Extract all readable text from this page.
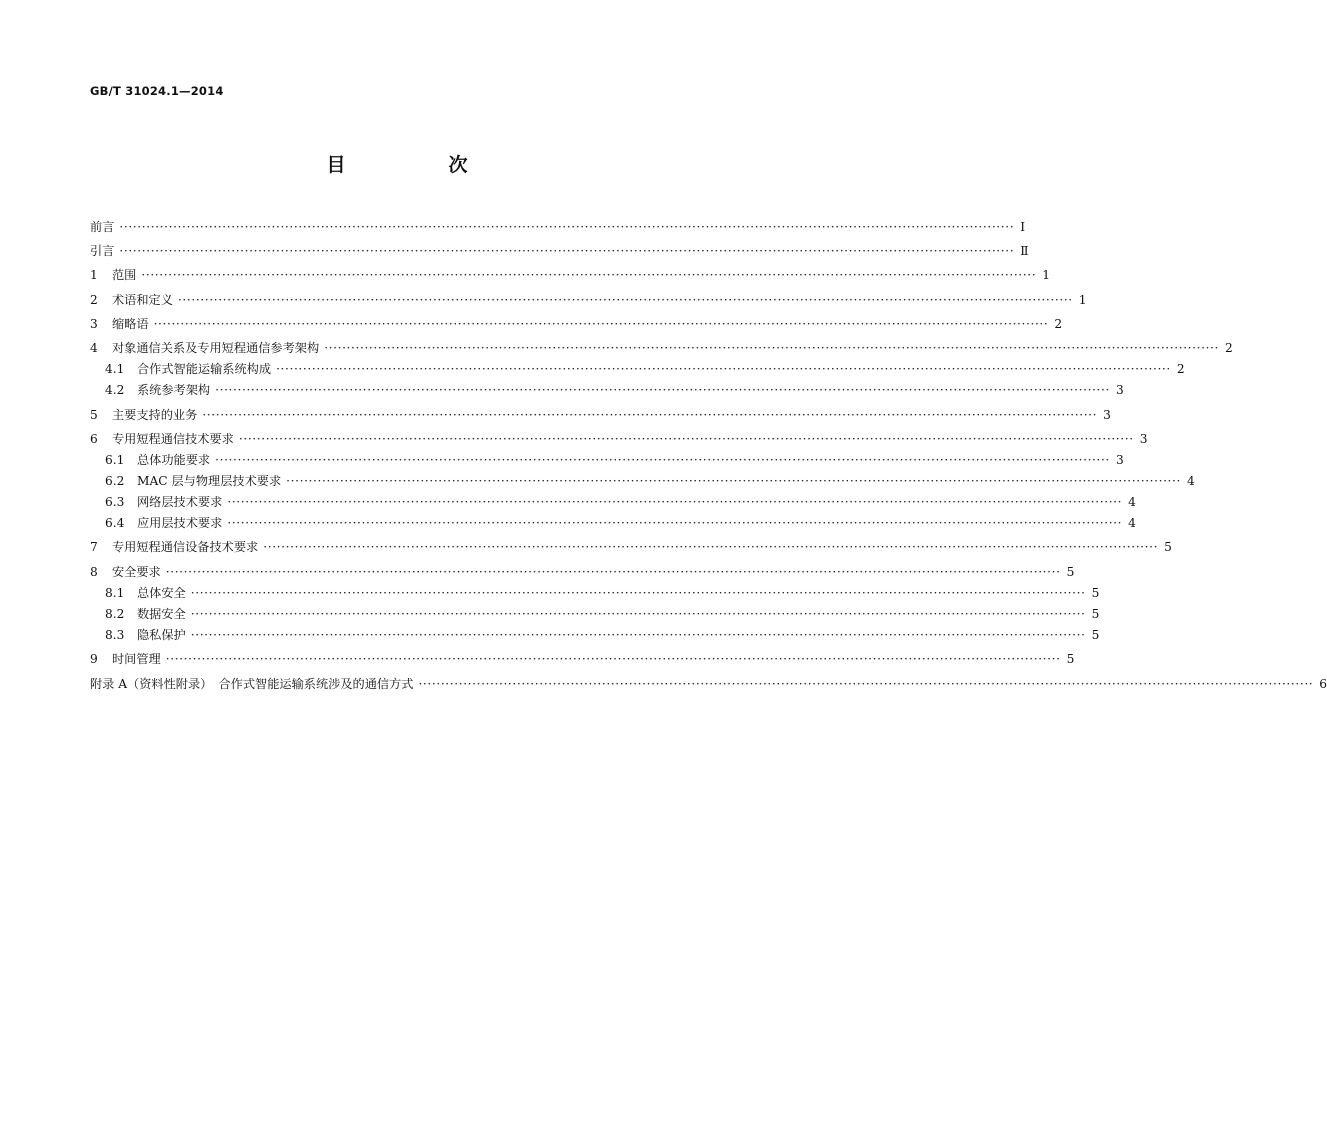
GB/T 31024.1—2014
目　次
前言 ········································································································································································································ Ⅰ
引言 ········································································································································································································ Ⅱ
1	范围 ········································································································································································································ 1
2	术语和定义 ········································································································································································································ 1
3	缩略语 ········································································································································································································ 2
4	对象通信关系及专用短程通信参考架构 ········································································································································································································ 2
4.1	合作式智能运输系统构成 ········································································································································································································ 2
4.2	系统参考架构 ········································································································································································································ 3
5	主要支持的业务 ········································································································································································································ 3
6	专用短程通信技术要求 ········································································································································································································ 3
6.1	总体功能要求 ········································································································································································································ 3
6.2	MAC 层与物理层技术要求 ········································································································································································································ 4
6.3	网络层技术要求 ········································································································································································································ 4
6.4	应用层技术要求 ········································································································································································································ 4
7	专用短程通信设备技术要求 ········································································································································································································ 5
8	安全要求 ········································································································································································································ 5
8.1	总体安全 ········································································································································································································ 5
8.2	数据安全 ········································································································································································································ 5
8.3	隐私保护 ········································································································································································································ 5
9	时间管理 ········································································································································································································ 5
附录 A（资料性附录）　合作式智能运输系统涉及的通信方式 ········································································································································································································ 6
